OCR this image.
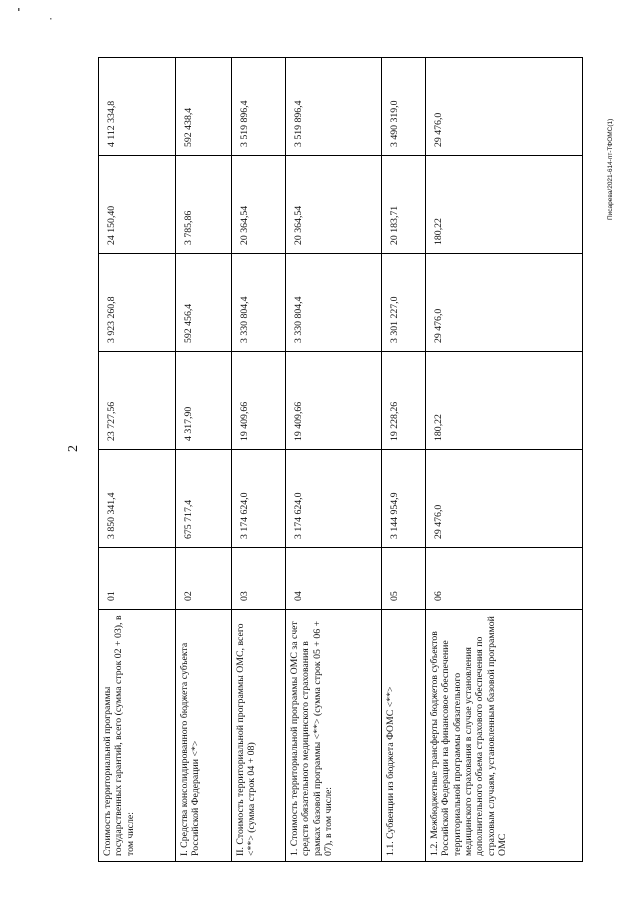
2
Писарева/2021-614-пт-ТФОМС(1)
Стоимость территориальной программы государственных гарантий, всего (сумма строк 02 + 03), в том числе:	01	3 850 341,4	23 727,56	3 923 260,8	24 150,40	4 112 334,8	
I. Средства консолидированного бюджета субъекта Российской Федерации <*>	02	675 717,4	4 317,90	592 456,4	3 785,86	592 438,4	
II. Стоимость территориальной программы ОМС, всего <**> (сумма строк 04 + 08)	03	3 174 624,0	19 409,66	3 330 804,4	20 364,54	3 519 896,4	
1. Стоимость территориальной программы ОМС за счет средств обязательного медицинского страхования в рамках базовой программы <**> (сумма строк 05 + 06 + 07), в том числе:	04	3 174 624,0	19 409,66	3 330 804,4	20 364,54	3 519 896,4	
1.1. Субвенции из бюджета ФОМС <**>	05	3 144 954,9	19 228,26	3 301 227,0	20 183,71	3 490 319,0	
1.2. Межбюджетные трансферты бюджетов субъектов Российской Федерации на финансовое обеспечение территориальной программы обязательного медицинского страхования в случае установления дополнительного объема страхового обеспечения по страховым случаям, установленным базовой программой ОМС	06	29 476,0	180,22	29 476,0	180,22	29 476,0	
